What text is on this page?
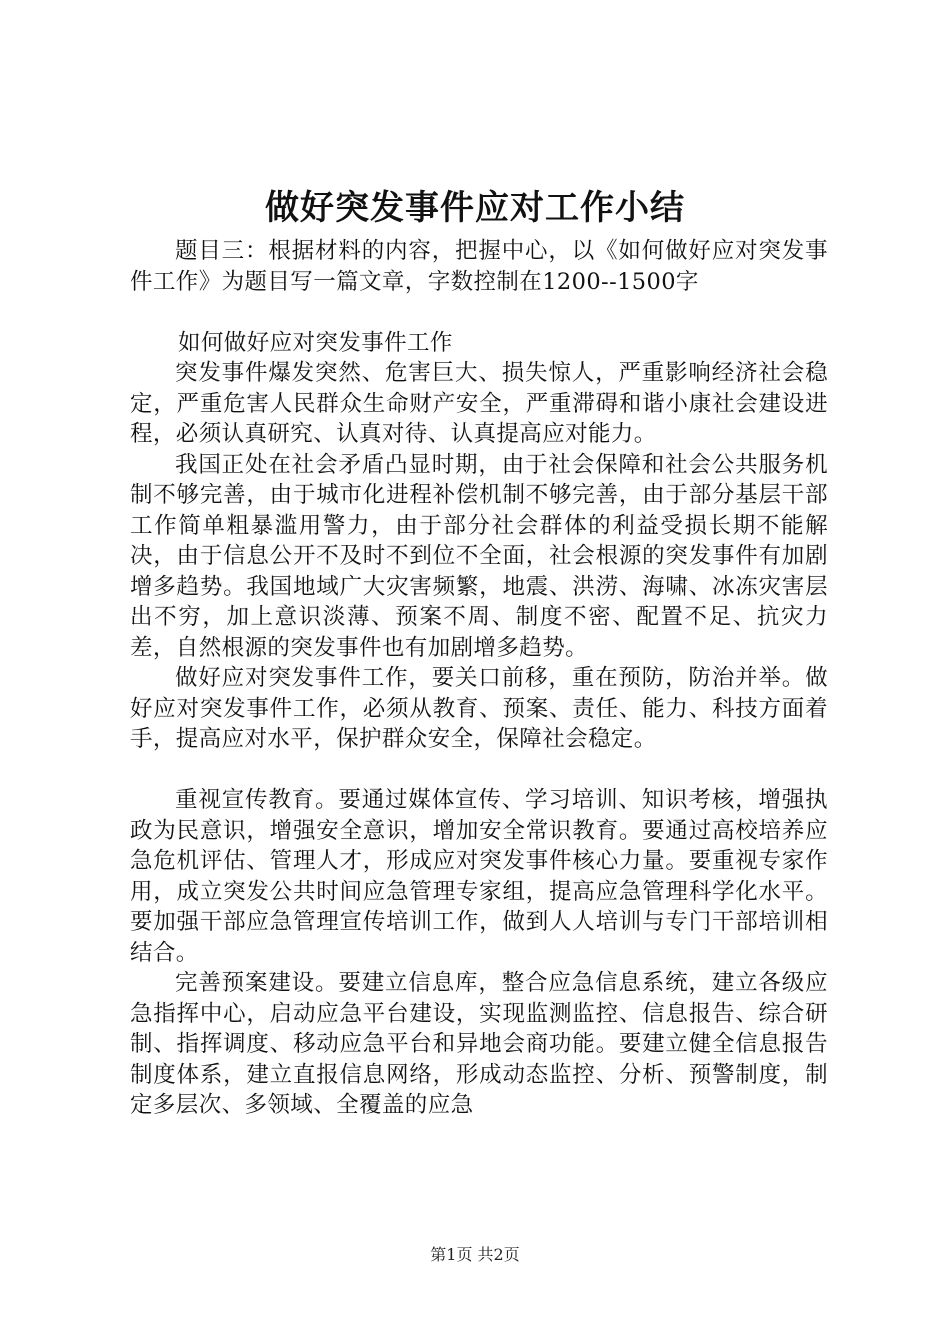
做好突发事件应对工作小结

题目三：根据材料的内容，把握中心，以《如何做好应对突发事件工作》为题目写一篇文章，字数控制在1200--1500字

如何做好应对突发事件工作

突发事件爆发突然、危害巨大、损失惊人，严重影响经济社会稳定，严重危害人民群众生命财产安全，严重滞碍和谐小康社会建设进程，必须认真研究、认真对待、认真提高应对能力。

我国正处在社会矛盾凸显时期，由于社会保障和社会公共服务机制不够完善，由于城市化进程补偿机制不够完善，由于部分基层干部工作简单粗暴滥用警力，由于部分社会群体的利益受损长期不能解决，由于信息公开不及时不到位不全面，社会根源的突发事件有加剧增多趋势。我国地域广大灾害频繁，地震、洪涝、海啸、冰冻灾害层出不穷，加上意识淡薄、预案不周、制度不密、配置不足、抗灾力差，自然根源的突发事件也有加剧增多趋势。

做好应对突发事件工作，要关口前移，重在预防，防治并举。做好应对突发事件工作，必须从教育、预案、责任、能力、科技方面着手，提高应对水平，保护群众安全，保障社会稳定。

重视宣传教育。要通过媒体宣传、学习培训、知识考核，增强执政为民意识，增强安全意识，增加安全常识教育。要通过高校培养应急危机评估、管理人才，形成应对突发事件核心力量。要重视专家作用，成立突发公共时间应急管理专家组，提高应急管理科学化水平。要加强干部应急管理宣传培训工作，做到人人培训与专门干部培训相结合。

完善预案建设。要建立信息库，整合应急信息系统，建立各级应急指挥中心，启动应急平台建设，实现监测监控、信息报告、综合研制、指挥调度、移动应急平台和异地会商功能。要建立健全信息报告制度体系，建立直报信息网络，形成动态监控、分析、预警制度，制定多层次、多领域、全覆盖的应急

第1页 共2页
